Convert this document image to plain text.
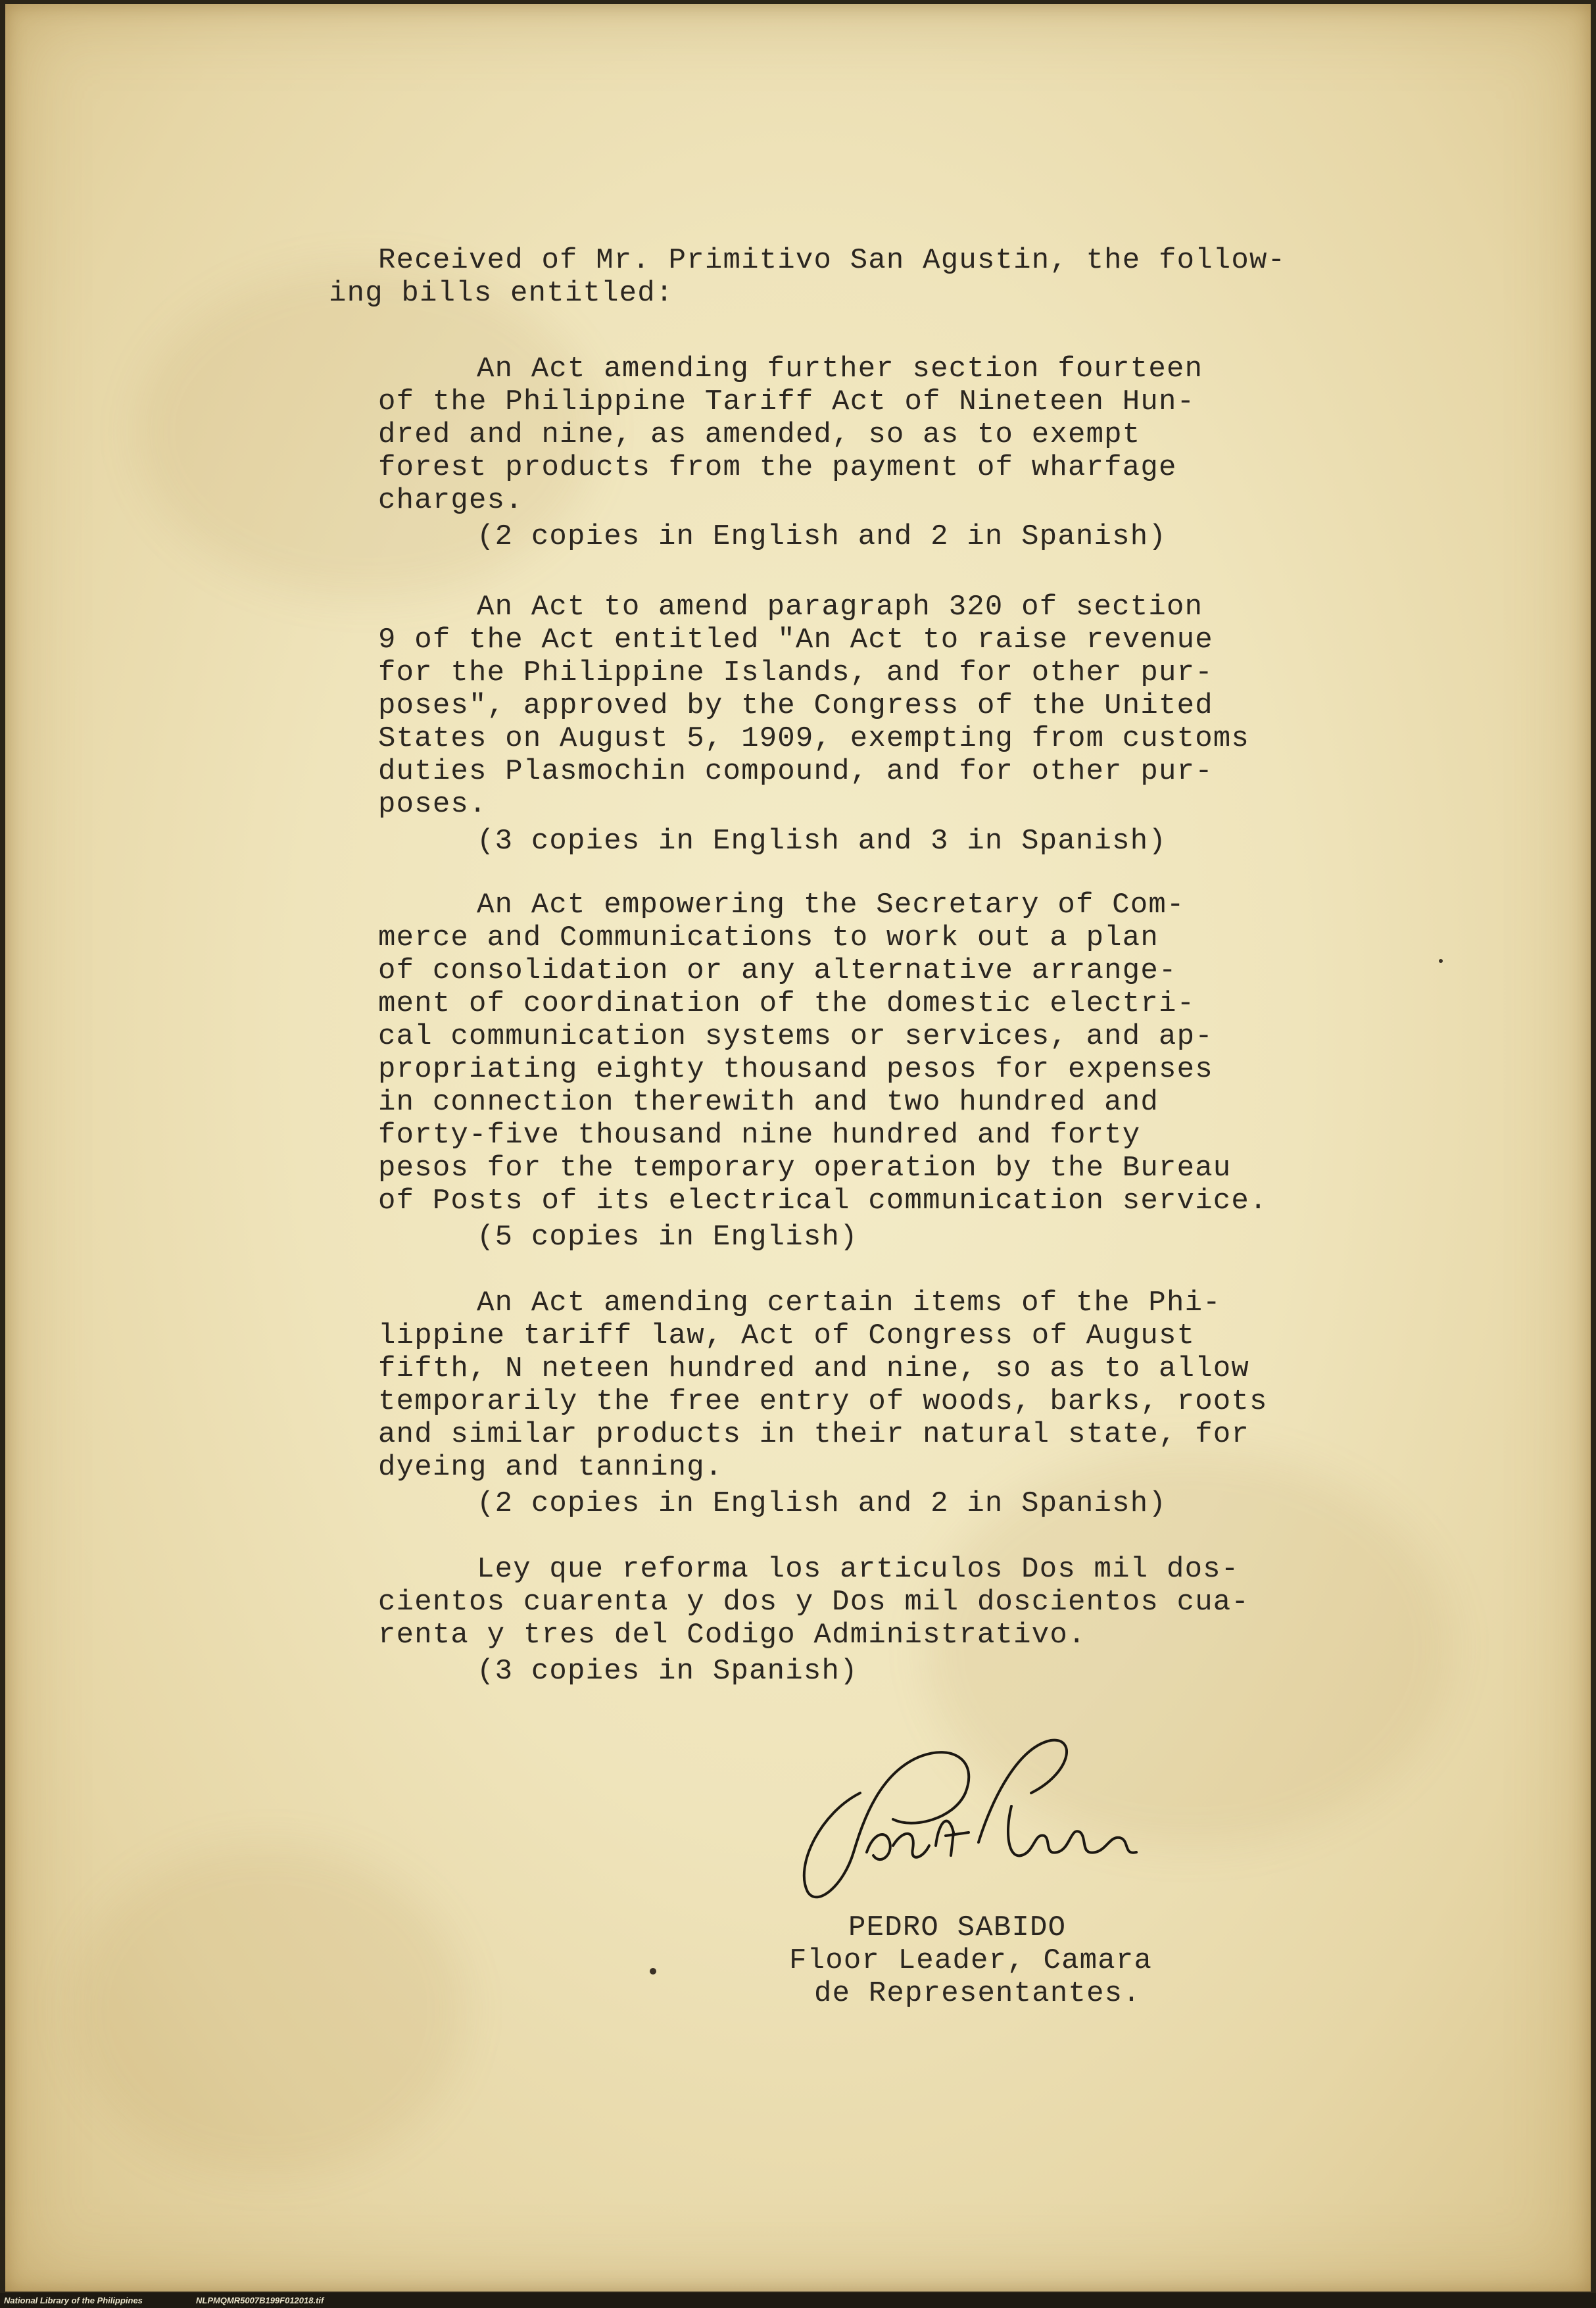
Received of Mr. Primitivo San Agustin, the follow-
ing bills entitled:
An Act amending further section fourteen
of the Philippine Tariff Act of Nineteen Hun-
dred and nine, as amended, so as to exempt
forest products from the payment of wharfage
charges.
(2 copies in English and 2 in Spanish)
An Act to amend paragraph 320 of section
9 of the Act entitled "An Act to raise revenue
for the Philippine Islands, and for other pur-
poses", approved by the Congress of the United
States on August 5, 1909, exempting from customs
duties Plasmochin compound, and for other pur-
poses.
(3 copies in English and 3 in Spanish)
An Act empowering the Secretary of Com-
merce and Communications to work out a plan
of consolidation or any alternative arrange-
ment of coordination of the domestic electri-
cal communication systems or services, and ap-
propriating eighty thousand pesos for expenses
in connection therewith and two hundred and
forty-five thousand nine hundred and forty
pesos for the temporary operation by the Bureau
of Posts of its electrical communication service.
(5 copies in English)
An Act amending certain items of the Phi-
lippine tariff law, Act of Congress of August
fifth, N neteen hundred and nine, so as to allow
temporarily the free entry of woods, barks, roots
and similar products in their natural state, for
dyeing and tanning.
(2 copies in English and 2 in Spanish)
Ley que reforma los articulos Dos mil dos-
cientos cuarenta y dos y Dos mil doscientos cua-
renta y tres del Codigo Administrativo.
(3 copies in Spanish)
PEDRO SABIDO
Floor Leader, Camara
de Representantes.
National Library of the Philippines	NLPMQMR5007B199F012018.tif
